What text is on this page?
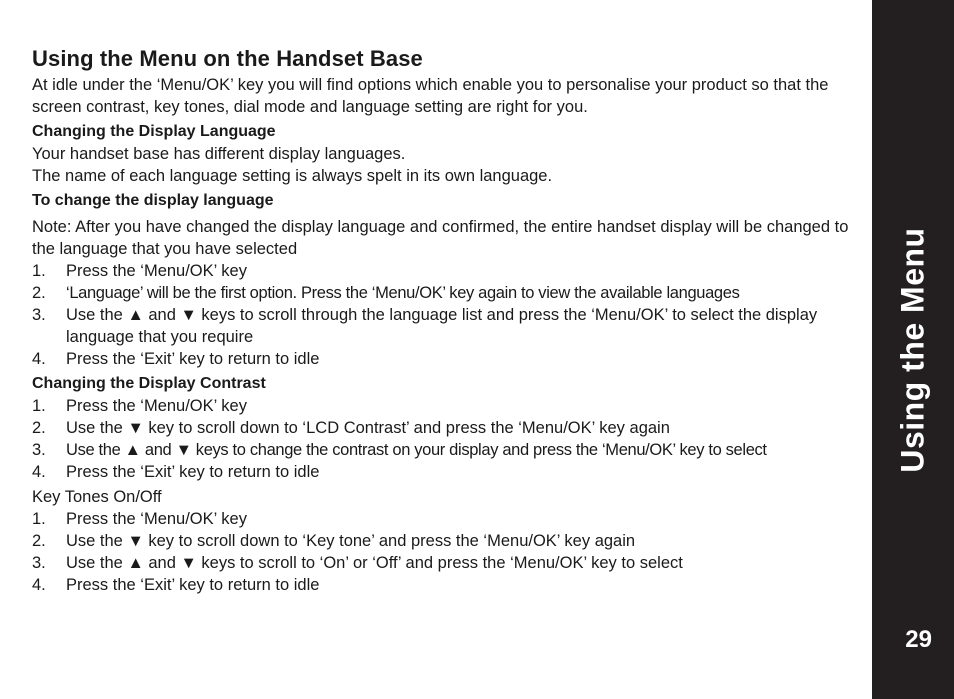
Using the Menu on the Handset Base

At idle under the ‘Menu/OK’ key you will find options which enable you to personalise your product so that the screen contrast, key tones, dial mode and language setting are right for you.

Changing the Display Language

Your handset base has different display languages.

The name of each language setting is always spelt in its own language.

To change the display language

Note: After you have changed the display language and confirmed, the entire handset display will be changed to the language that you have selected

1.	Press the ‘Menu/OK’ key
2.	‘Language’ will be the first option. Press the ‘Menu/OK’ key again to view the available languages
3.	Use the ▲ and ▼ keys to scroll through the language list and press the ‘Menu/OK’ to select the display language that you require
4.	Press the ‘Exit’ key to return to idle
Changing the Display Contrast
1.	Press the ‘Menu/OK’ key
2.	Use the ▼ key to scroll down to ‘LCD Contrast’ and press the ‘Menu/OK’ key again
3.	Use the ▲ and ▼ keys to change the contrast on your display and press the ‘Menu/OK’ key to select
4.	Press the ‘Exit’ key to return to idle

Key Tones On/Off

1.	Press the ‘Menu/OK’ key
2.	Use the ▼ key to scroll down to ‘Key tone’ and press the ‘Menu/OK’ key again
3.	Use the ▲ and ▼ keys to scroll to ‘On’ or ‘Off’ and press the ‘Menu/OK’ key to select
4.	Press the ‘Exit’ key to return to idle
Using the Menu
29
